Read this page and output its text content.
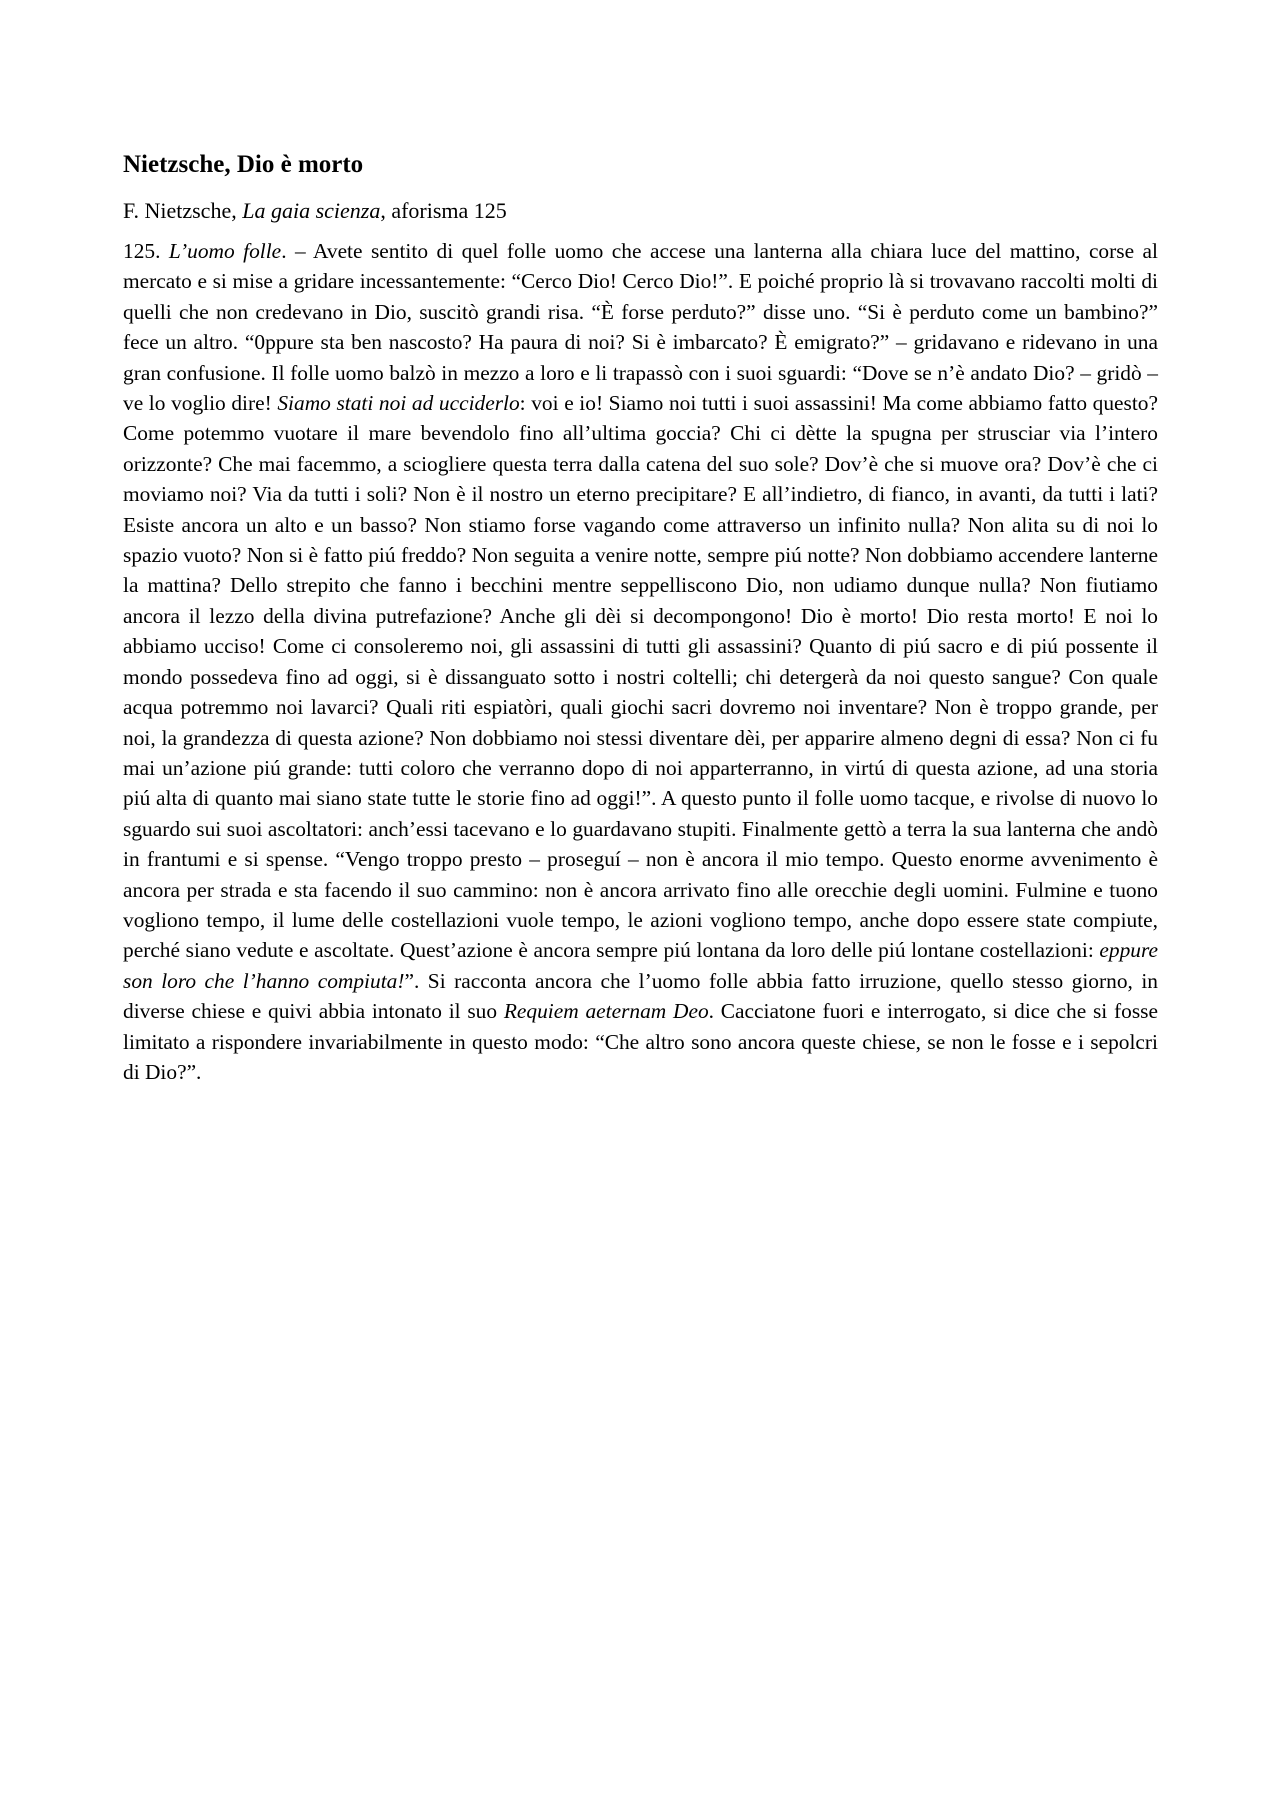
Nietzsche, Dio è morto

F. Nietzsche, La gaia scienza, aforisma 125

125. L’uomo folle. – Avete sentito di quel folle uomo che accese una lanterna alla chiara luce del mattino, corse al mercato e si mise a gridare incessantemente: “Cerco Dio! Cerco Dio!”. E poiché proprio là si trovavano raccolti molti di quelli che non credevano in Dio, suscitò grandi risa. “È forse perduto?” disse uno. “Si è perduto come un bambino?” fece un altro. “0ppure sta ben nascosto? Ha paura di noi? Si è imbarcato? È emigrato?” – gridavano e ridevano in una gran confusione. Il folle uomo balzò in mezzo a loro e li trapassò con i suoi sguardi: “Dove se n’è andato Dio? – gridò – ve lo voglio dire! Siamo stati noi ad ucciderlo: voi e io! Siamo noi tutti i suoi assassini! Ma come abbiamo fatto questo? Come potemmo vuotare il mare bevendolo fino all’ultima goccia? Chi ci dètte la spugna per strusciar via l’intero orizzonte? Che mai facemmo, a sciogliere questa terra dalla catena del suo sole? Dov’è che si muove ora? Dov’è che ci moviamo noi? Via da tutti i soli? Non è il nostro un eterno precipitare? E all’indietro, di fianco, in avanti, da tutti i lati? Esiste ancora un alto e un basso? Non stiamo forse vagando come attraverso un infinito nulla? Non alita su di noi lo spazio vuoto? Non si è fatto piú freddo? Non seguita a venire notte, sempre piú notte? Non dobbiamo accendere lanterne la mattina? Dello strepito che fanno i becchini mentre seppelliscono Dio, non udiamo dunque nulla? Non fiutiamo ancora il lezzo della divina putrefazione? Anche gli dèi si decompongono! Dio è morto! Dio resta morto! E noi lo abbiamo ucciso! Come ci consoleremo noi, gli assassini di tutti gli assassini? Quanto di piú sacro e di piú possente il mondo possedeva fino ad oggi, si è dissanguato sotto i nostri coltelli; chi detergerà da noi questo sangue? Con quale acqua potremmo noi lavarci? Quali riti espiatòri, quali giochi sacri dovremo noi inventare? Non è troppo grande, per noi, la grandezza di questa azione? Non dobbiamo noi stessi diventare dèi, per apparire almeno degni di essa? Non ci fu mai un’azione piú grande: tutti coloro che verranno dopo di noi apparterranno, in virtú di questa azione, ad una storia piú alta di quanto mai siano state tutte le storie fino ad oggi!”. A questo punto il folle uomo tacque, e rivolse di nuovo lo sguardo sui suoi ascoltatori: anch’essi tacevano e lo guardavano stupiti. Finalmente gettò a terra la sua lanterna che andò in frantumi e si spense. “Vengo troppo presto – proseguí – non è ancora il mio tempo. Questo enorme avvenimento è ancora per strada e sta facendo il suo cammino: non è ancora arrivato fino alle orecchie degli uomini. Fulmine e tuono vogliono tempo, il lume delle costellazioni vuole tempo, le azioni vogliono tempo, anche dopo essere state compiute, perché siano vedute e ascoltate. Quest’azione è ancora sempre piú lontana da loro delle piú lontane costellazioni: eppure son loro che l’hanno compiuta!”. Si racconta ancora che l’uomo folle abbia fatto irruzione, quello stesso giorno, in diverse chiese e quivi abbia intonato il suo Requiem aeternam Deo. Cacciatone fuori e interrogato, si dice che si fosse limitato a rispondere invariabilmente in questo modo: “Che altro sono ancora queste chiese, se non le fosse e i sepolcri di Dio?”.
